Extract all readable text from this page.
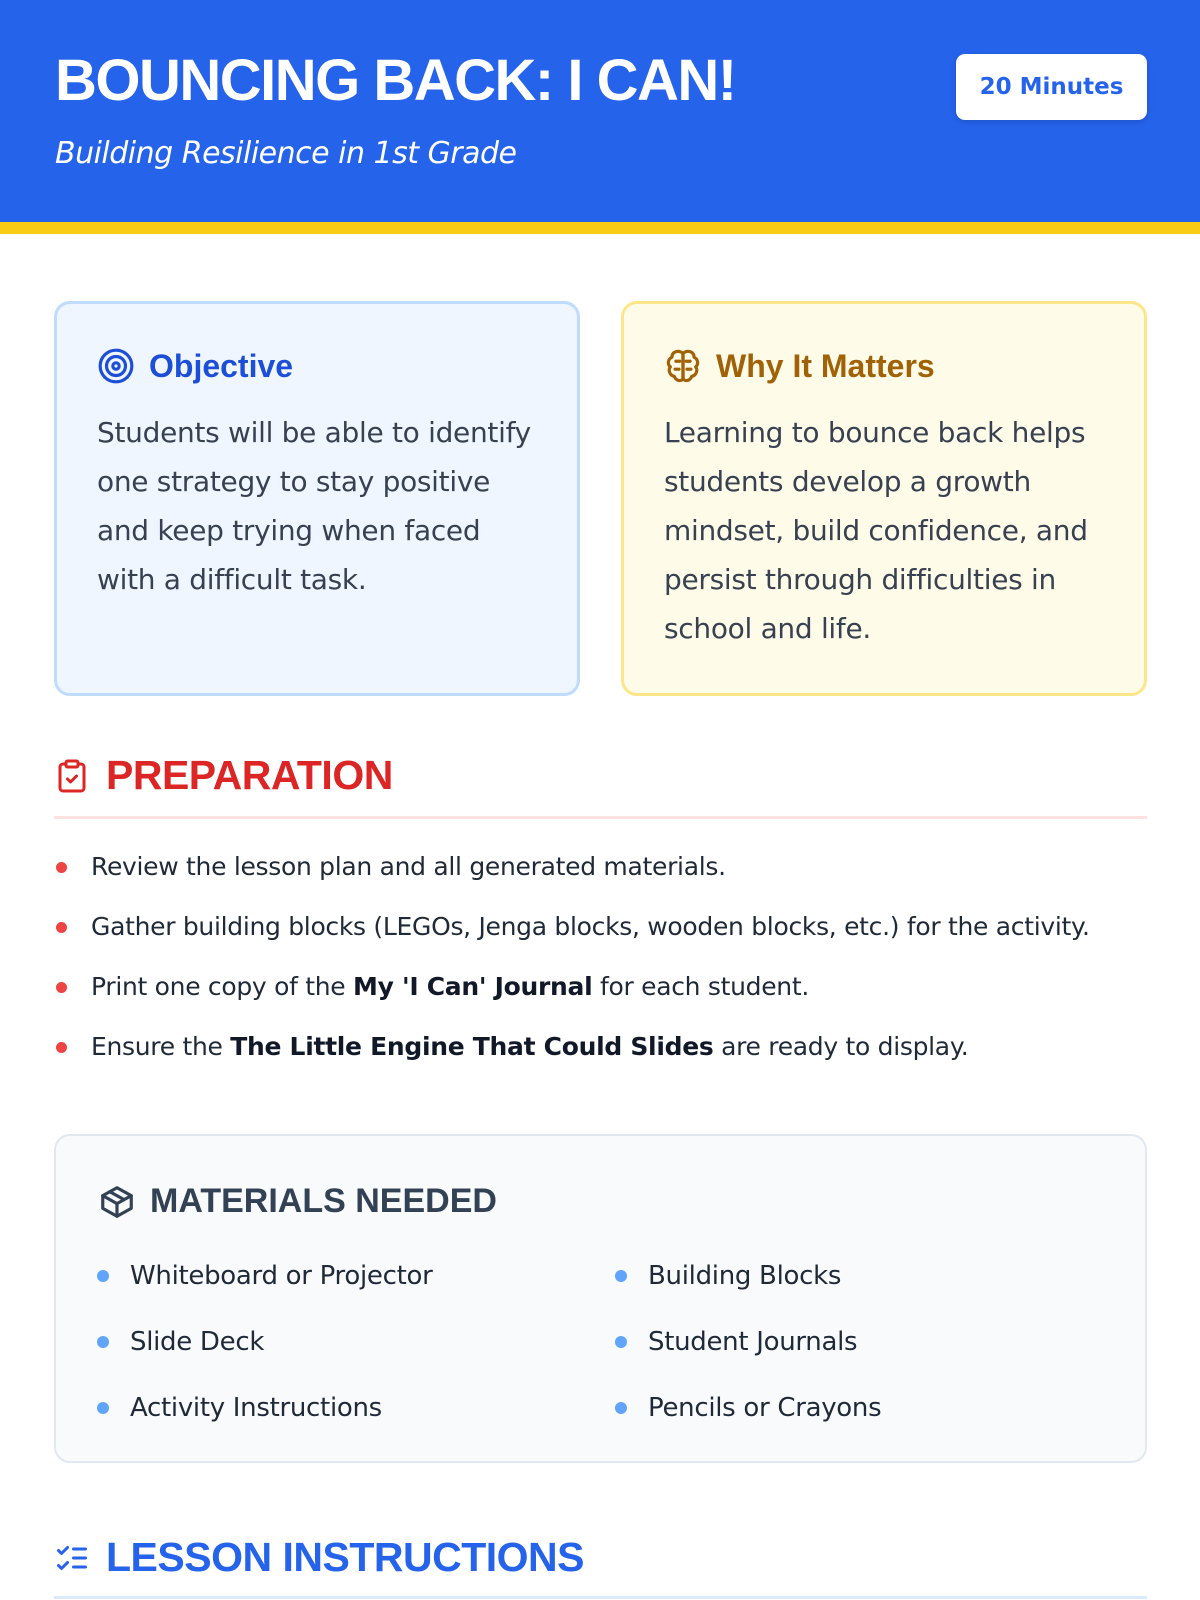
BOUNCING BACK: I CAN!
Building Resilience in 1st Grade
20 Minutes
Objective

Students will be able to identify one strategy to stay positive and keep trying when faced with a difficult task.

Why It Matters

Learning to bounce back helps students develop a growth mindset, build confidence, and persist through difficulties in school and life.

PREPARATION
Review the lesson plan and all generated materials.
Gather building blocks (LEGOs, Jenga blocks, wooden blocks, etc.) for the activity.
Print one copy of the My 'I Can' Journal for each student.
Ensure the The Little Engine That Could Slides are ready to display.
MATERIALS NEEDED
Whiteboard or Projector	Building Blocks
Slide Deck	Student Journals
Activity Instructions	Pencils or Crayons
LESSON INSTRUCTIONS
